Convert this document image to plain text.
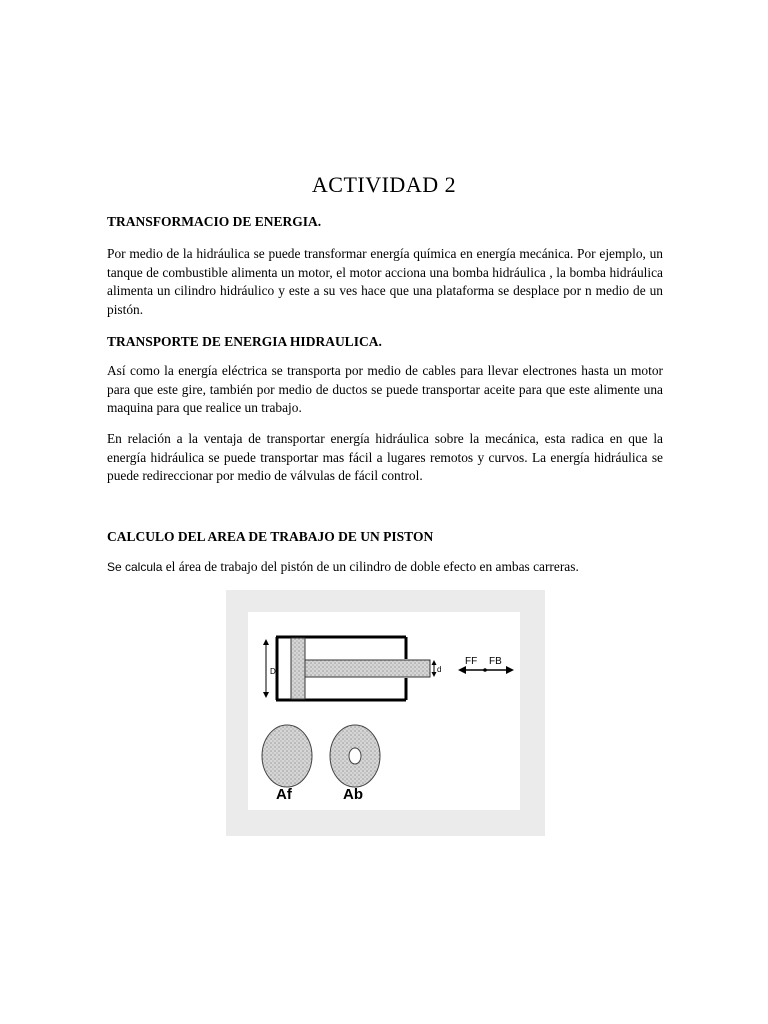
ACTIVIDAD 2
TRANSFORMACIO DE ENERGIA.
Por medio de la hidráulica se puede transformar energía química en energía mecánica. Por ejemplo, un tanque de combustible alimenta un motor, el motor acciona una bomba hidráulica , la bomba hidráulica alimenta un cilindro hidráulico y este a su ves hace que una plataforma se desplace por n medio de un pistón.
TRANSPORTE DE ENERGIA HIDRAULICA.
Así como la energía eléctrica se transporta por medio de cables para llevar electrones hasta un motor para que este gire, también por medio de ductos se puede transportar aceite para que este alimente una maquina para que realice un trabajo.
En relación a la ventaja de transportar energía hidráulica sobre la mecánica, esta radica en que la energía hidráulica se puede transportar mas fácil a lugares remotos y curvos. La energía hidráulica se puede redireccionar por medio de válvulas de fácil control.
CALCULO DEL AREA DE TRABAJO DE UN PISTON
Se calcula el área de trabajo del pistón de un cilindro de doble efecto en ambas carreras.
D	d
FF FB
Af	Ab
